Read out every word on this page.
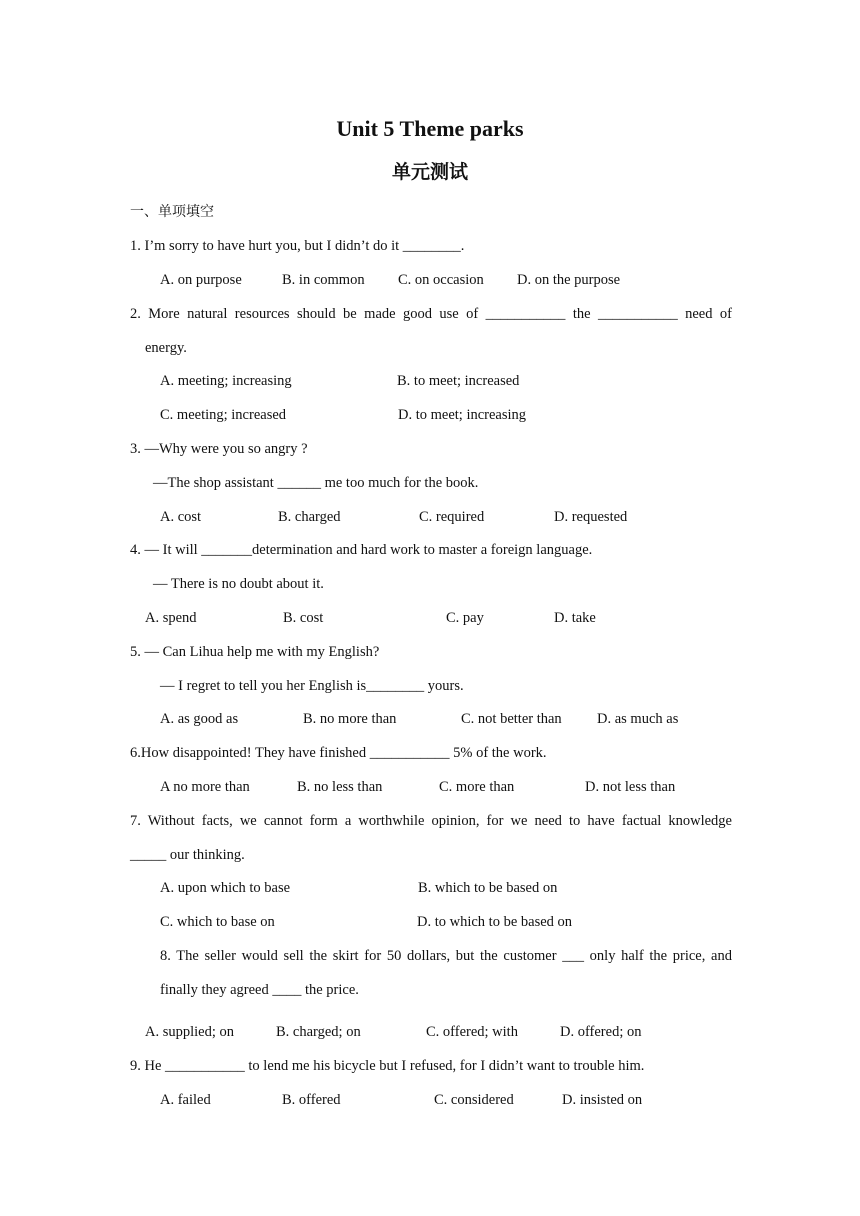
Unit 5 Theme parks
单元测试
一、单项填空
1. I’m sorry to have hurt you, but I didn’t do it ________.
A. on purpose	B. in common C. on occasion D. on the purpose
2. More natural resources should be made good use of ___________ the ___________ need of
energy.
A. meeting; increasing	B. to meet; increased
C. meeting; increased	D. to meet; increasing
3. —Why were you so angry ?
—The shop assistant ______ me too much for the book.
A. cost	B. charged	C. required	D. requested
4. — It will _______determination and hard work to master a foreign language.
— There is no doubt about it.
A. spend	B. cost	C. pay	D. take
5. — Can Lihua help me with my English?
— I regret to tell you her English is________ yours.
A. as good as	B. no more than	C. not better than D. as much as
6.How disappointed! They have finished ___________ 5% of the work.
A no more than	B. no less than	C. more than	D. not less than
7. Without facts, we cannot form a worthwhile opinion, for we need to have factual knowledge
_____ our thinking.
A. upon which to base	B. which to be based on
C. which to base on	D. to which to be based on
8. The seller would sell the skirt for 50 dollars, but the customer ___ only half the price, and
finally they agreed ____ the price.
A. supplied; on	B. charged; on	C. offered; with	D. offered; on
9. He ___________ to lend me his bicycle but I refused, for I didn’t want to trouble him.
A. failed	B. offered	C. considered	D. insisted on
